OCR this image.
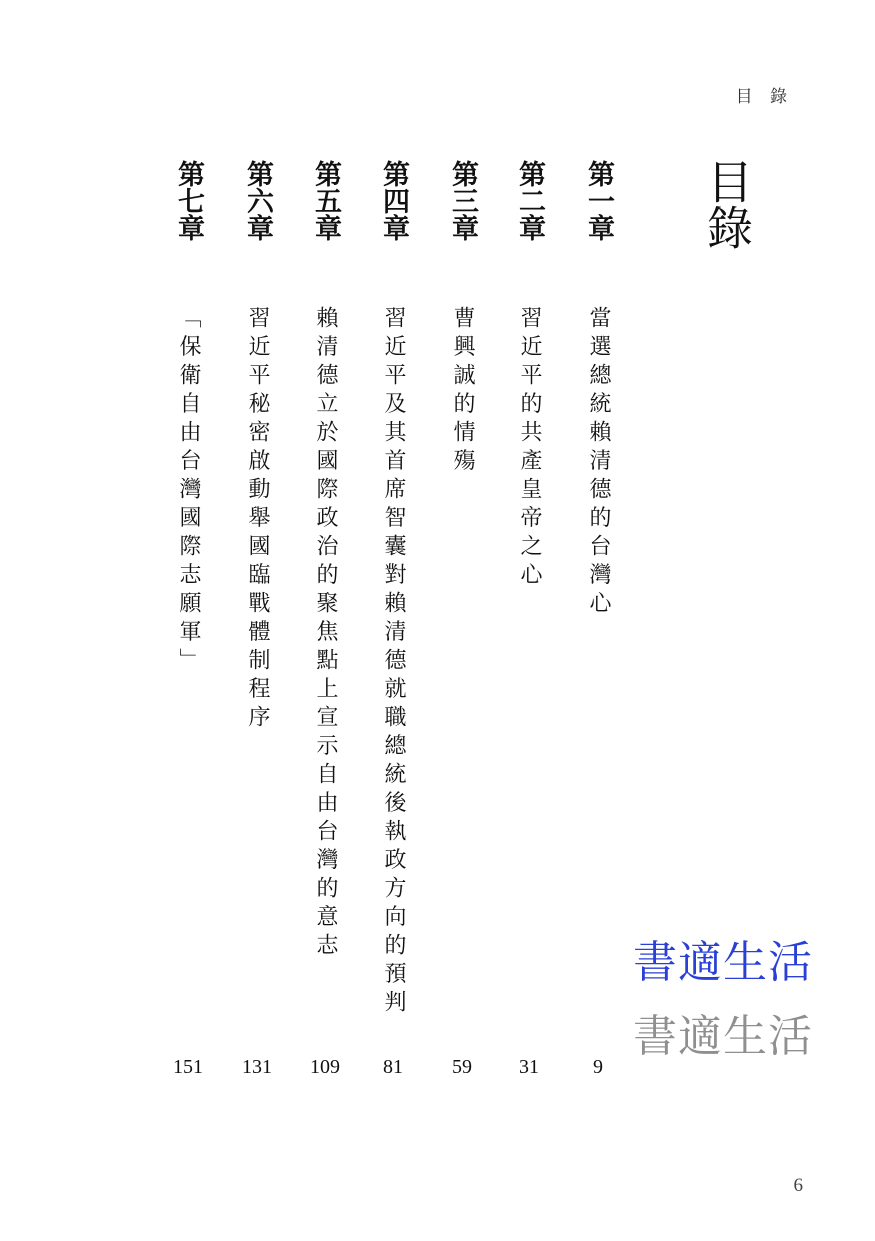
目 錄
目錄
第一章
當選總統賴清德的台灣心
9
第二章
習近平的共產皇帝之心
31
第三章
曹興誠的情殤
59
第四章
習近平及其首席智囊對賴清德就職總統後執政方向的預判
81
第五章
賴清德立於國際政治的聚焦點上宣示自由台灣的意志
109
第六章
習近平秘密啟動舉國臨戰體制程序
131
第七章
「保衛自由台灣國際志願軍」
151
書適生活
書適生活
6
